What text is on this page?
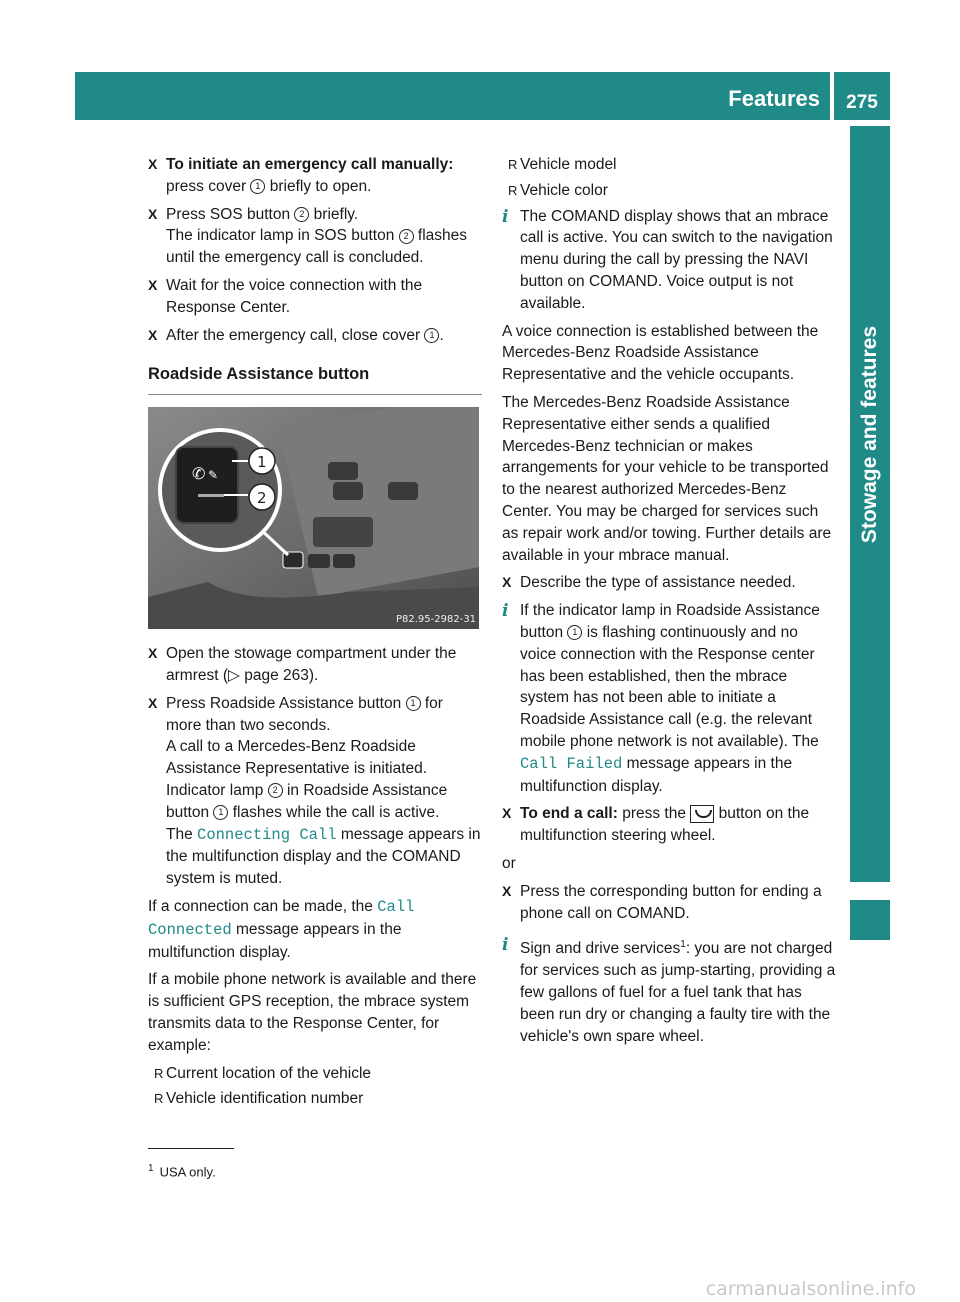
Features	275
Stowage and features
X To initiate an emergency call manually: press cover 1 briefly to open.
X Press SOS button 2 briefly.

The indicator lamp in SOS button 2 flashes until the emergency call is concluded.

X Wait for the voice connection with the Response Center.
X After the emergency call, close cover 1 .
Roadside Assistance button
✆ ✎
1
2
P82.95-2982-31
X Open the stowage compartment under the armrest (▷ page 263).
X Press Roadside Assistance button 1 for more than two seconds.
A call to a Mercedes-Benz Roadside Assistance Representative is initiated.
Indicator lamp 2 in Roadside Assistance button 1 flashes while the call is active.
The Connecting Call message appears in the multifunction display and the COMAND system is muted.

If a connection can be made, the Call Connected message appears in the multifunction display.

If a mobile phone network is available and there is sufficient GPS reception, the mbrace system transmits data to the Response Center, for example:

R Current location of the vehicle
R Vehicle identification number
R Vehicle model
R Vehicle color
i The COMAND display shows that an mbrace call is active. You can switch to the navigation menu during the call by pressing the NAVI button on COMAND. Voice output is not available.

A voice connection is established between the Mercedes-Benz Roadside Assistance Representative and the vehicle occupants.

The Mercedes-Benz Roadside Assistance Representative either sends a qualified Mercedes-Benz technician or makes arrangements for your vehicle to be transported to the nearest authorized Mercedes-Benz Center. You may be charged for services such as repair work and/or towing. Further details are available in your mbrace manual.

X Describe the type of assistance needed.
i If the indicator lamp in Roadside Assistance button 1 is flashing continuously and no voice connection with the Response center has been established, then the mbrace system has not been able to initiate a Roadside Assistance call (e.g. the relevant mobile phone network is not available). The Call Failed message appears in the multifunction display.
X To end a call: press the  button on the multifunction steering wheel.

or

X Press the corresponding button for ending a phone call on COMAND.
i Sign and drive services$^1$: you are not charged for services such as jump-starting, providing a few gallons of fuel for a fuel tank that has been run dry or changing a faulty tire with the vehicle's own spare wheel.
$^1$ USA only.
carmanualsonline.info
